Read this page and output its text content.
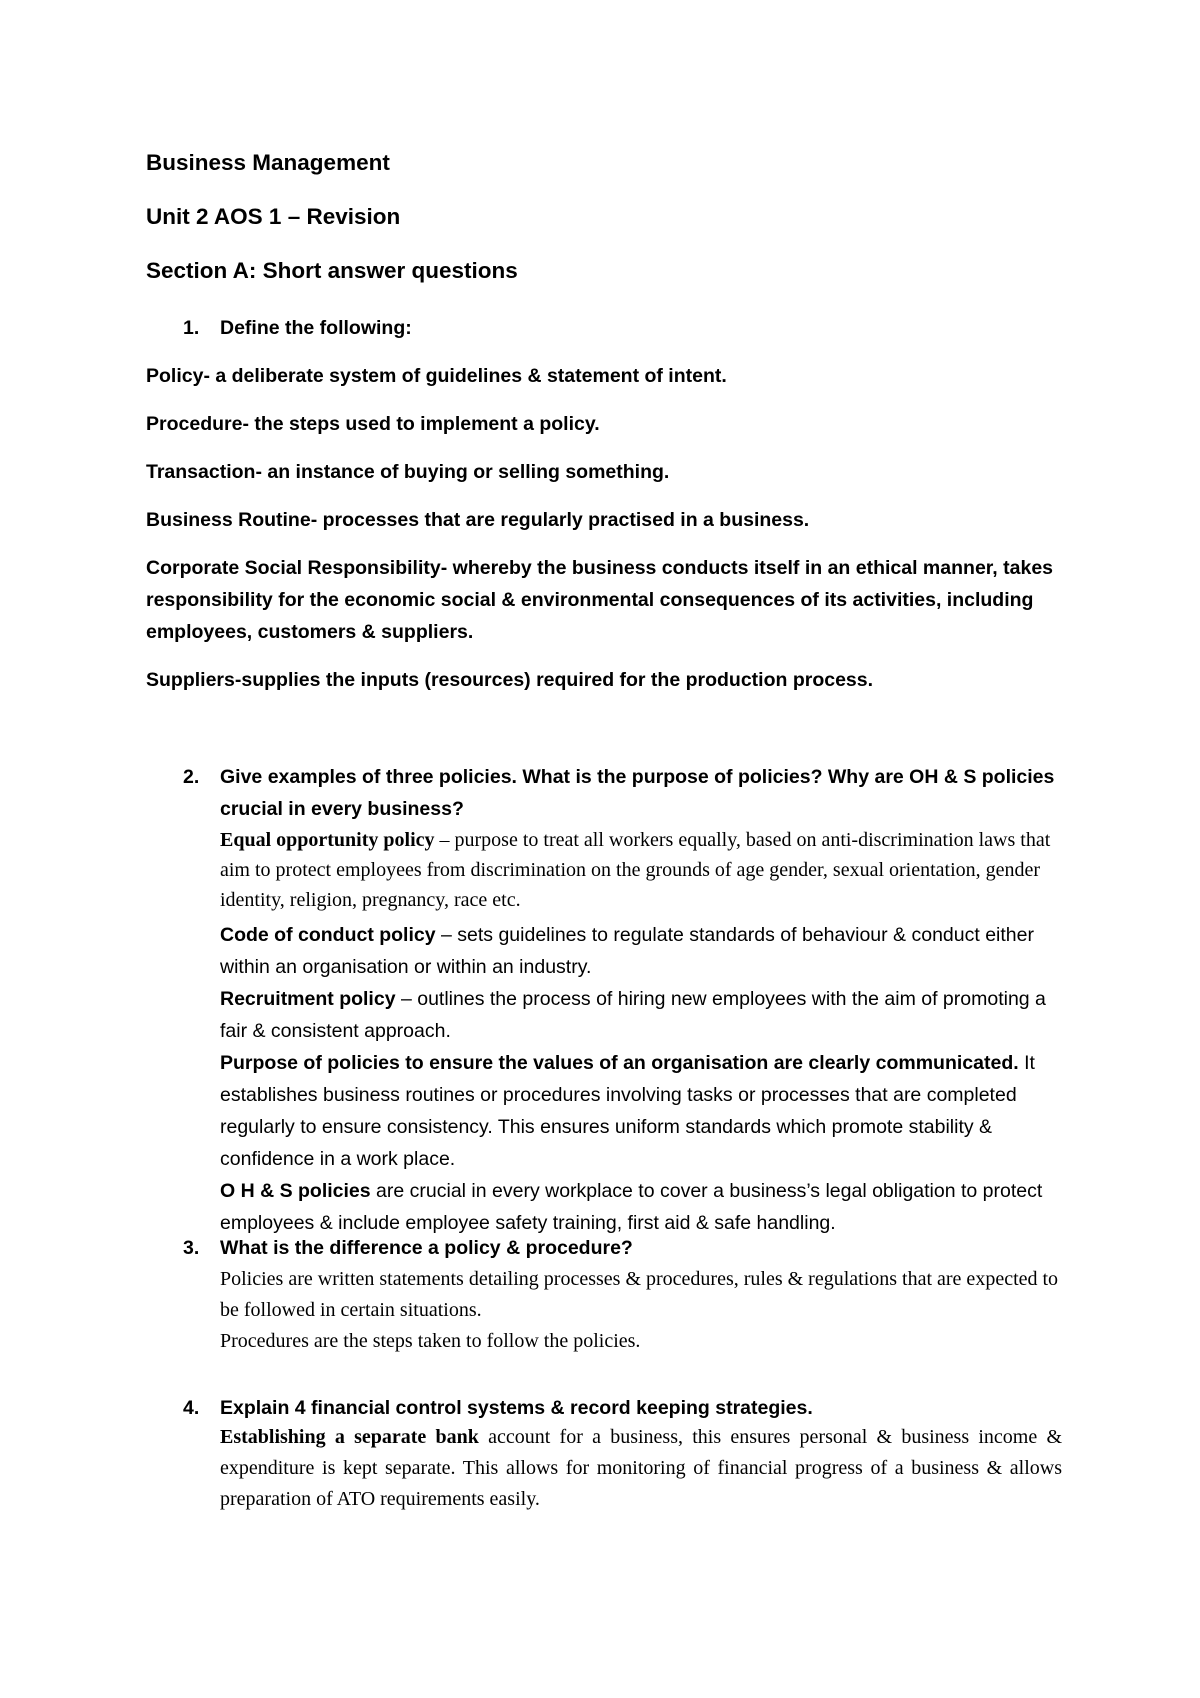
Business Management
Unit 2 AOS 1 – Revision
Section A: Short answer questions
1. Define the following:
Policy- a deliberate system of guidelines & statement of intent.
Procedure- the steps used to implement a policy.
Transaction- an instance of buying or selling something.
Business Routine- processes that are regularly practised in a business.
Corporate Social Responsibility- whereby the business conducts itself in an ethical manner, takes responsibility for the economic social & environmental consequences of its activities, including employees, customers & suppliers.
Suppliers-supplies the inputs (resources) required for the production process.
2. Give examples of three policies. What is the purpose of policies? Why are OH & S policies crucial in every business?

Equal opportunity policy – purpose to treat all workers equally, based on anti-discrimination laws that aim to protect employees from discrimination on the grounds of age gender, sexual orientation, gender identity, religion, pregnancy, race etc.

Code of conduct policy – sets guidelines to regulate standards of behaviour & conduct either within an organisation or within an industry.

Recruitment policy – outlines the process of hiring new employees with the aim of promoting a fair & consistent approach.

Purpose of policies to ensure the values of an organisation are clearly communicated. It establishes business routines or procedures involving tasks or processes that are completed regularly to ensure consistency. This ensures uniform standards which promote stability & confidence in a work place.

O H & S policies are crucial in every workplace to cover a business’s legal obligation to protect employees & include employee safety training, first aid & safe handling.

3. What is the difference a policy & procedure?

Policies are written statements detailing processes & procedures, rules & regulations that are expected to be followed in certain situations.

Procedures are the steps taken to follow the policies.

4. Explain 4 financial control systems & record keeping strategies.
Establishing a separate bank account for a business, this ensures personal & business income & expenditure is kept separate. This allows for monitoring of financial progress of a business & allows preparation of ATO requirements easily.
